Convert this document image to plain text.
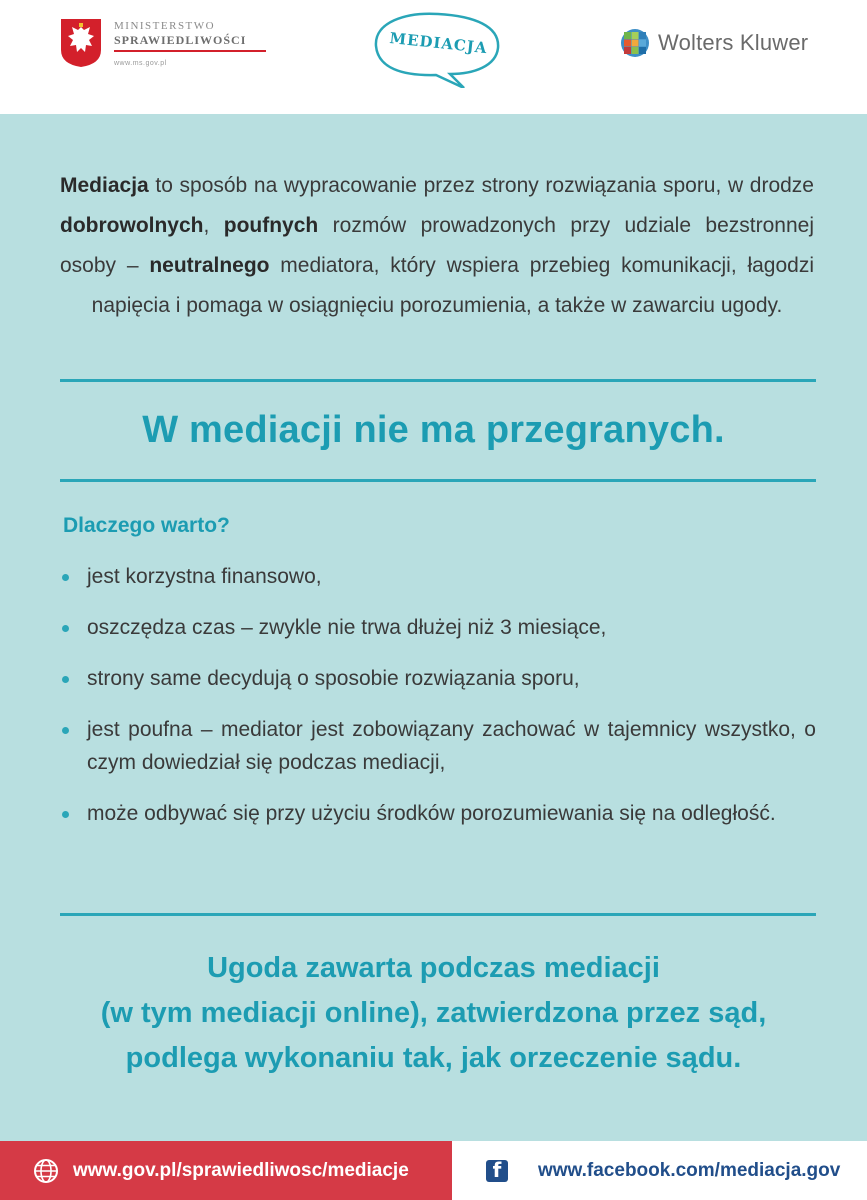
MINISTERSTWO
SPRAWIEDLIWOŚCI
www.ms.gov.pl
MEDIACJA	Wolters Kluwer
Mediacja to sposób na wypracowanie przez strony rozwiązania sporu, w drodze dobrowolnych, poufnych rozmów prowadzonych przy udziale bezstronnej osoby – neutralnego mediatora, który wspiera przebieg komunikacji, łagodzi napięcia i pomaga w osiągnięciu porozumienia, a także w zawarciu ugody.
W mediacji nie ma przegranych.
Dlaczego warto?
jest korzystna finansowo,
oszczędza czas – zwykle nie trwa dłużej niż 3 miesiące,
strony same decydują o sposobie rozwiązania sporu,
jest poufna – mediator jest zobowiązany zachować w tajemnicy wszystko, o czym dowiedział się podczas mediacji,
może odbywać się przy użyciu środków porozumiewania się na odległość.
Ugoda zawarta podczas mediacji
(w tym mediacji online), zatwierdzona przez sąd,
podlega wykonaniu tak, jak orzeczenie sądu.
www.gov.pl/sprawiedliwosc/mediacje	f	www.facebook.com/mediacja.gov
